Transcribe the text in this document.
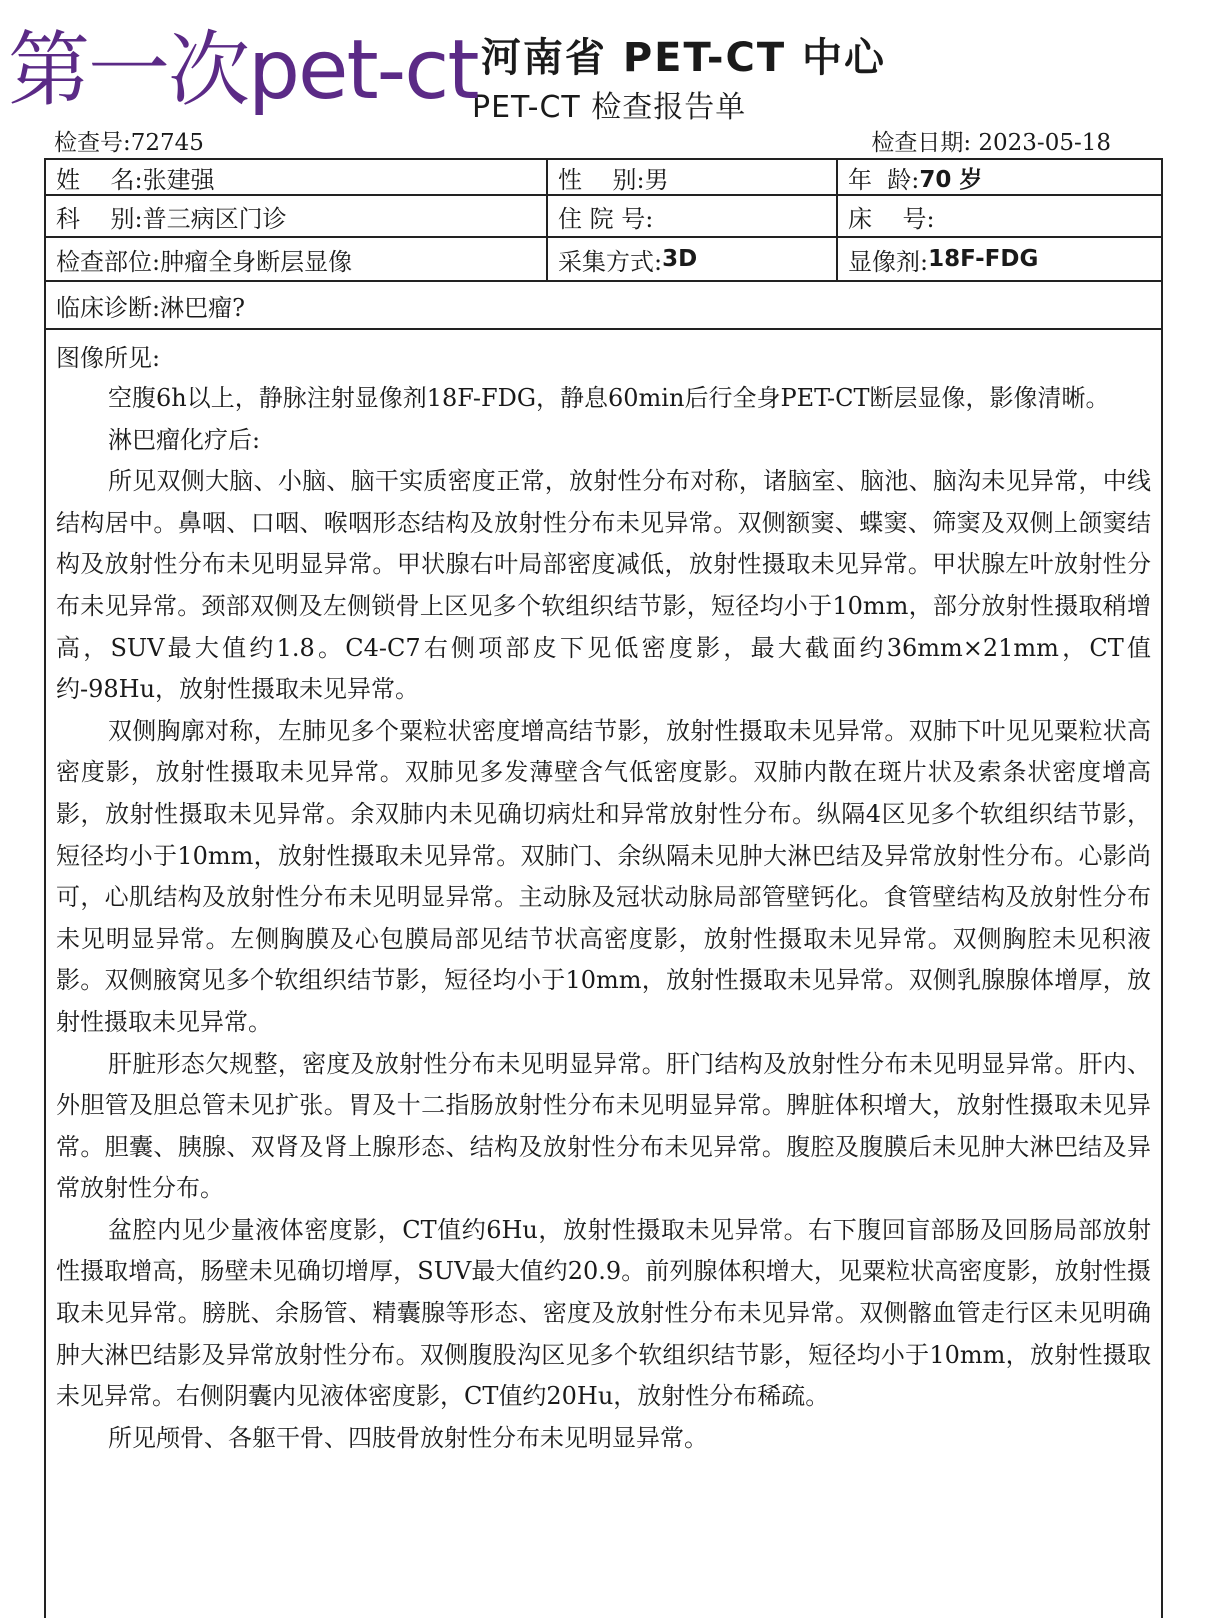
第一次pet-ct 河南省 PET-CT 中心
PET-CT 检查报告单
检查号:72745	检查日期: 2023-05-18
姓    名: 张建强	性    别: 男	年  龄: 70 岁
科    别: 普三病区门诊	住 院 号:	床    号:
检查部位: 肿瘤全身断层显像	采集方式: 3D	显像剂: 18F-FDG
临床诊断: 淋巴瘤?
图像所见:

空腹6h以上，静脉注射显像剂18F-FDG，静息60min后行全身PET-CT断层显像，影像清晰。

淋巴瘤化疗后:

所见双侧大脑、小脑、脑干实质密度正常，放射性分布对称，诸脑室、脑池、脑沟未见异常，中线结构居中。鼻咽、口咽、喉咽形态结构及放射性分布未见异常。双侧额窦、蝶窦、筛窦及双侧上颌窦结构及放射性分布未见明显异常。甲状腺右叶局部密度减低，放射性摄取未见异常。甲状腺左叶放射性分布未见异常。颈部双侧及左侧锁骨上区见多个软组织结节影，短径均小于10mm，部分放射性摄取稍增高，SUV最大值约1.8。C4-C7右侧项部皮下见低密度影，最大截面约36mm×21mm，CT值约-98Hu，放射性摄取未见异常。

双侧胸廓对称，左肺见多个粟粒状密度增高结节影，放射性摄取未见异常。双肺下叶见见粟粒状高密度影，放射性摄取未见异常。双肺见多发薄壁含气低密度影。双肺内散在斑片状及索条状密度增高影，放射性摄取未见异常。余双肺内未见确切病灶和异常放射性分布。纵隔4区见多个软组织结节影，短径均小于10mm，放射性摄取未见异常。双肺门、余纵隔未见肿大淋巴结及异常放射性分布。心影尚可，心肌结构及放射性分布未见明显异常。主动脉及冠状动脉局部管壁钙化。食管壁结构及放射性分布未见明显异常。左侧胸膜及心包膜局部见结节状高密度影，放射性摄取未见异常。双侧胸腔未见积液影。双侧腋窝见多个软组织结节影，短径均小于10mm，放射性摄取未见异常。双侧乳腺腺体增厚，放射性摄取未见异常。

肝脏形态欠规整，密度及放射性分布未见明显异常。肝门结构及放射性分布未见明显异常。肝内、外胆管及胆总管未见扩张。胃及十二指肠放射性分布未见明显异常。脾脏体积增大，放射性摄取未见异常。胆囊、胰腺、双肾及肾上腺形态、结构及放射性分布未见异常。腹腔及腹膜后未见肿大淋巴结及异常放射性分布。

盆腔内见少量液体密度影，CT值约6Hu，放射性摄取未见异常。右下腹回盲部肠及回肠局部放射性摄取增高，肠壁未见确切增厚，SUV最大值约20.9。前列腺体积增大，见粟粒状高密度影，放射性摄取未见异常。膀胱、余肠管、精囊腺等形态、密度及放射性分布未见异常。双侧髂血管走行区未见明确肿大淋巴结影及异常放射性分布。双侧腹股沟区见多个软组织结节影，短径均小于10mm，放射性摄取未见异常。右侧阴囊内见液体密度影，CT值约20Hu，放射性分布稀疏。

所见颅骨、各躯干骨、四肢骨放射性分布未见明显异常。
